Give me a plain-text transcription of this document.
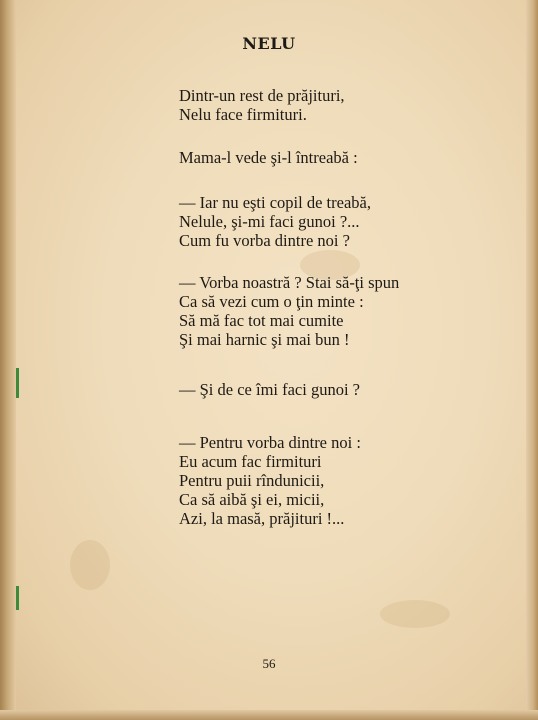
NELU
Dintr-un rest de prăjituri,
Nelu face firmituri.
Mama-l vede şi-l întreabă :
— Iar nu eşti copil de treabă,
Nelule, şi-mi faci gunoi ?...
Cum fu vorba dintre noi ?
— Vorba noastră ? Stai să-ţi spun
Ca să vezi cum o ţin minte :
Să mă fac tot mai cumite
Şi mai harnic şi mai bun !
— Şi de ce îmi faci gunoi ?
— Pentru vorba dintre noi :
Eu acum fac firmituri
Pentru puii rîndunicii,
Ca să aibă şi ei, micii,
Azi, la masă, prăjituri !...
56
